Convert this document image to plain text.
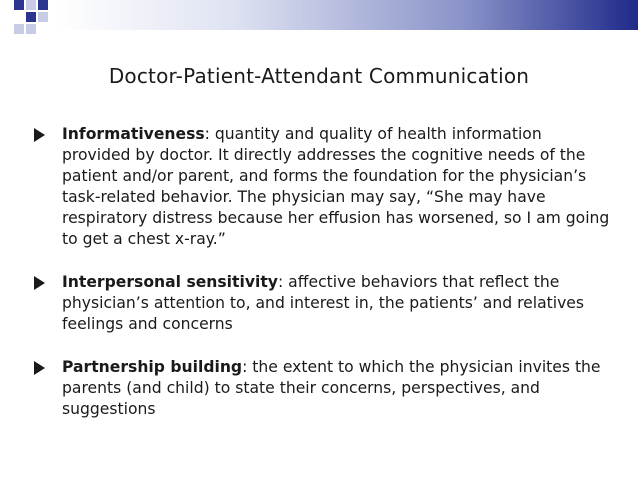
Doctor-Patient-Attendant Communication
Informativeness: quantity and quality of health information provided by doctor. It directly addresses the cognitive needs of the patient and/or parent, and forms the foundation for the physician’s task-related behavior. The physician may say, “She may have respiratory distress because her effusion has worsened, so I am going to get a chest x-ray.”
Interpersonal sensitivity: affective behaviors that reflect the physician’s attention to, and interest in, the patients’ and relatives feelings and concerns
Partnership building: the extent to which the physician invites the parents (and child) to state their concerns, perspectives, and suggestions
